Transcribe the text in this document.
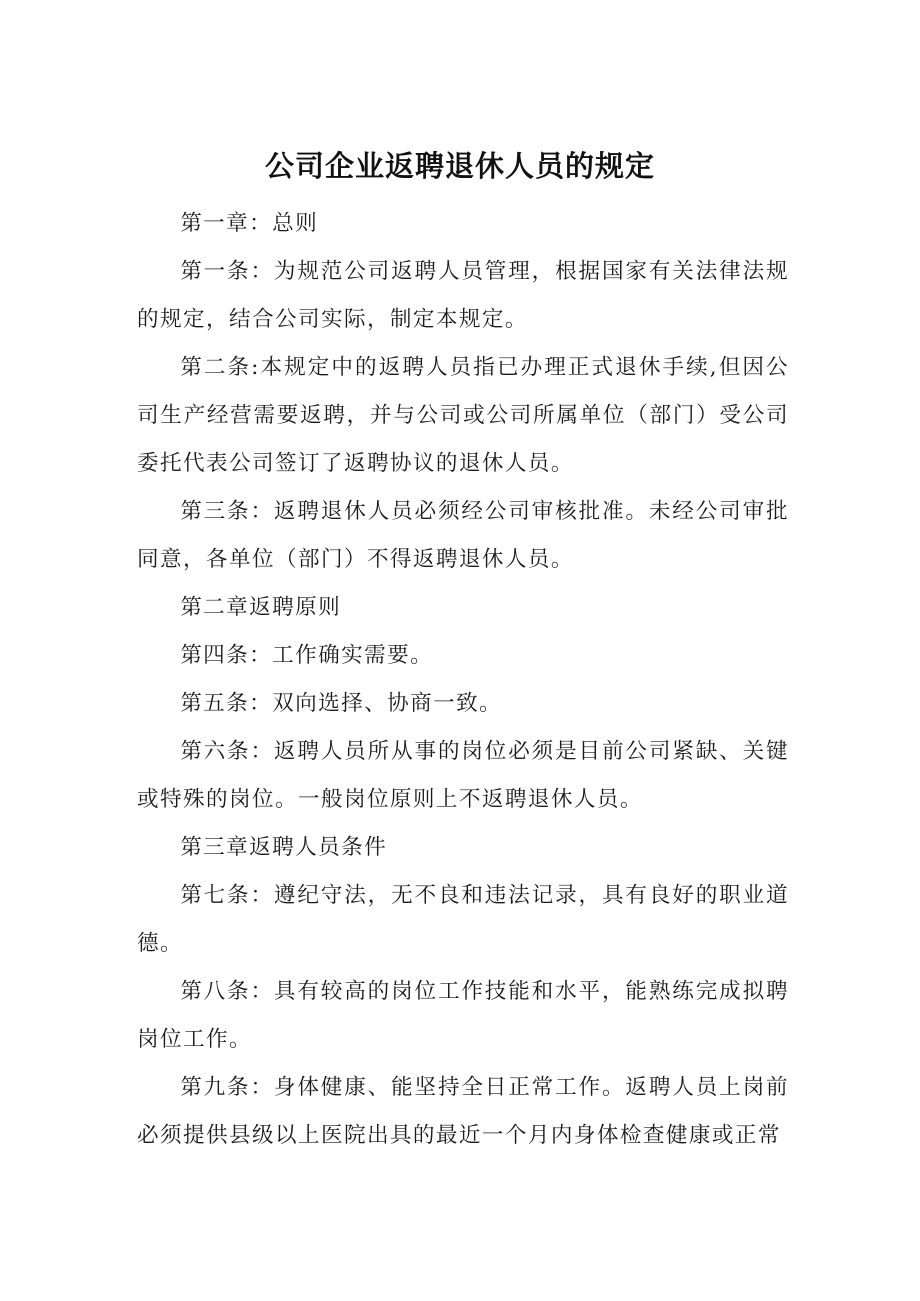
公司企业返聘退休人员的规定

第一章：总则

第一条：为规范公司返聘人员管理，根据国家有关法律法规的规定，结合公司实际，制定本规定。

第二条:本规定中的返聘人员指已办理正式退休手续,但因公司生产经营需要返聘，并与公司或公司所属单位（部门）受公司委托代表公司签订了返聘协议的退休人员。

第三条：返聘退休人员必须经公司审核批准。未经公司审批同意，各单位（部门）不得返聘退休人员。

第二章返聘原则

第四条：工作确实需要。

第五条：双向选择、协商一致。

第六条：返聘人员所从事的岗位必须是目前公司紧缺、关键或特殊的岗位。一般岗位原则上不返聘退休人员。

第三章返聘人员条件

第七条：遵纪守法，无不良和违法记录，具有良好的职业道德。

第八条：具有较高的岗位工作技能和水平，能熟练完成拟聘岗位工作。

第九条：身体健康、能坚持全日正常工作。返聘人员上岗前必须提供县级以上医院出具的最近一个月内身体检查健康或正常
